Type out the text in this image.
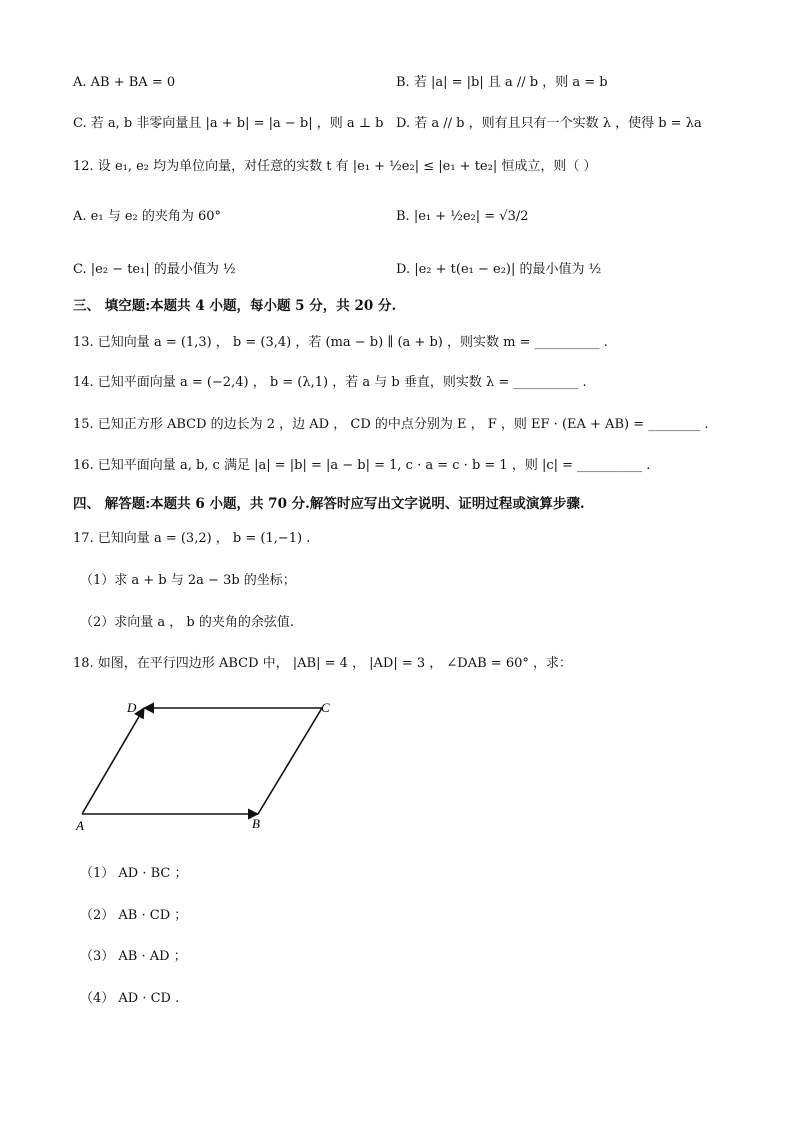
A. AB + BA = 0	B. 若 |a| = |b| 且 a // b ，则 a = b
C. 若 a, b 非零向量且 |a + b| = |a − b| ，则 a ⊥ b D. 若 a // b ，则有且只有一个实数 λ ，使得 b = λa
12. 设 e₁, e₂ 均为单位向量，对任意的实数 t 有 |e₁ + ½e₂| ≤ |e₁ + te₂| 恒成立，则（ ）
A. e₁ 与 e₂ 的夹角为 60°	B. |e₁ + ½e₂| = √3/2
C. |e₂ − te₁| 的最小值为 ½	D. |e₂ + t(e₁ − e₂)| 的最小值为 ½
三、 填空题:本题共 4 小题，每小题 5 分，共 20 分.
13. 已知向量 a = (1,3) ， b = (3,4) ，若 (ma − b) ∥ (a + b) ，则实数 m = __________ .
14. 已知平面向量 a = (−2,4) ， b = (λ,1) ，若 a 与 b 垂直，则实数 λ = __________ .
15. 已知正方形 ABCD 的边长为 2 ，边 AD ， CD 的中点分别为 E ， F ，则 EF · (EA + AB) = ________ .
16. 已知平面向量 a, b, c 满足 |a| = |b| = |a − b| = 1, c · a = c · b = 1 ，则 |c| = __________ .
四、 解答题:本题共 6 小题，共 70 分.解答时应写出文字说明、证明过程或演算步骤.
17. 已知向量 a = (3,2) ， b = (1,−1) .
（1）求 a + b 与 2a − 3b 的坐标；
（2）求向量 a ， b 的夹角的余弦值.
18. 如图，在平行四边形 ABCD 中， |AB| = 4 ， |AD| = 3 ， ∠DAB = 60° ，求：
A	B
C
D
（1） AD · BC ；
（2） AB · CD ；
（3） AB · AD ；
（4） AD · CD .
